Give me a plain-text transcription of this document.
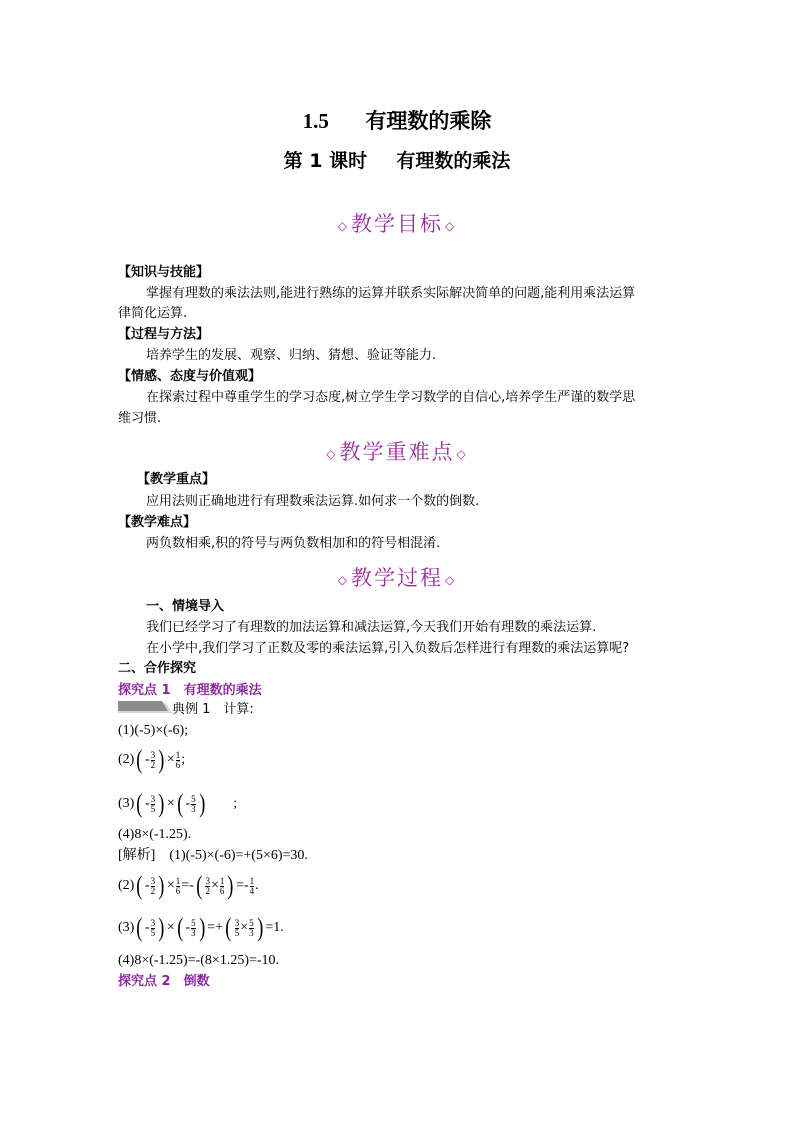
1.5 有理数的乘除
第 1 课时 有理数的乘法
◇教学目标 ◇
【知识与技能】
掌握有理数的乘法法则,能进行熟练的运算并联系实际解决简单的问题,能利用乘法运算
律简化运算.
【过程与方法】
培养学生的发展、观察、归纳、猜想、验证等能力.
【情感、态度与价值观】
在探索过程中尊重学生的学习态度,树立学生学习数学的自信心,培养学生严谨的数学思
维习惯.
◇教学重难点 ◇
【教学重点】
应用法则正确地进行有理数乘法运算.如何求一个数的倒数.
【教学难点】
两负数相乘,积的符号与两负数相加和的符号相混淆.
◇教学过程 ◇
一、情境导入
我们已经学习了有理数的加法运算和减法运算,今天我们开始有理数的乘法运算.
在小学中,我们学习了正数及零的乘法运算,引入负数后怎样进行有理数的乘法运算呢?
二、合作探究
探究点 1　有理数的乘法
典例 1　计算:
(1)(-5)×(-6);
(2) ( - $\frac{3}{2}$ ) × $\frac{1}{6}$ ;
(3) ( - $\frac{3}{5}$ ) × ( - $\frac{5}{3}$ ) ;
(4)8×(-1.25).
[解析]　(1)(-5)×(-6)=+(5×6)=30.
(2) ( - $\frac{3}{2}$ ) × $\frac{1}{6}$ =- ( $\frac{3}{2} \times \frac{1}{6}$ ) =- $\frac{1}{4}$ .
(3) ( - $\frac{3}{5}$ ) × ( - $\frac{5}{3}$ ) =+ ( $\frac{3}{5} \times \frac{5}{3}$ ) =1.
(4)8×(-1.25)=-(8×1.25)=-10.
探究点 2　倒数
